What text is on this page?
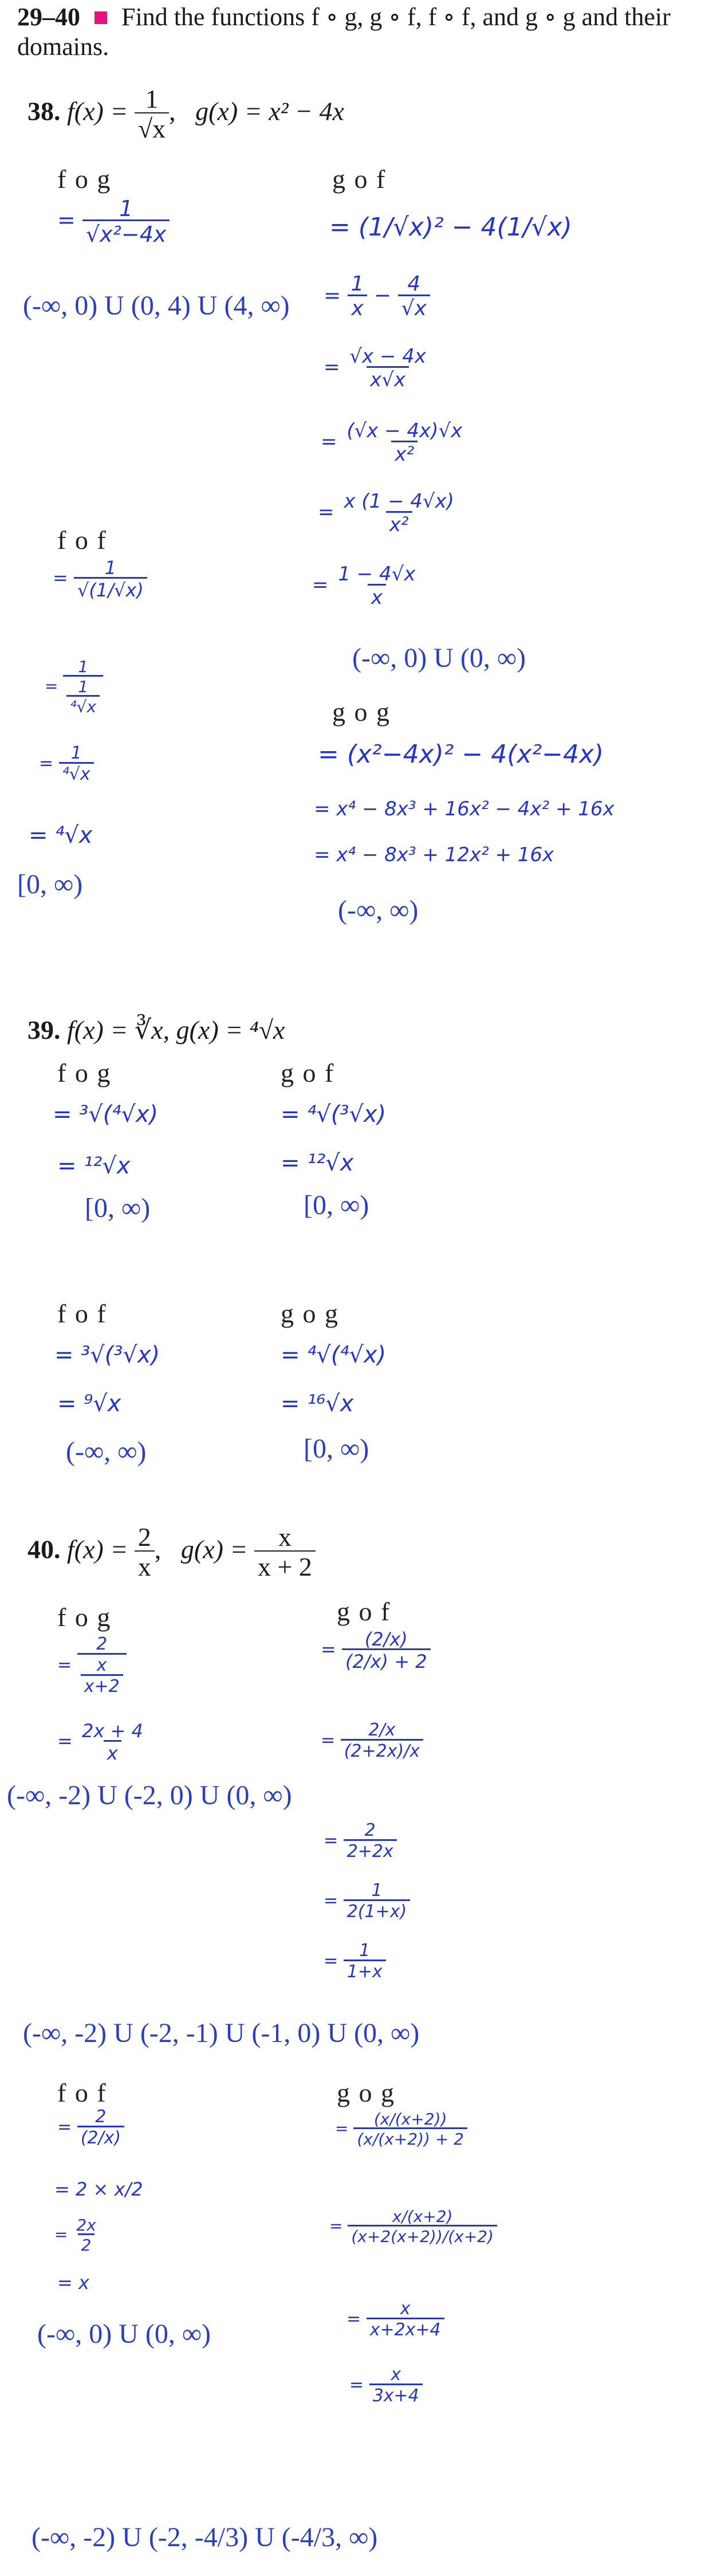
29–40 Find the functions f ∘ g, g ∘ f, f ∘ f, and g ∘ g and their
domains.
38. $f(x) = \frac{1}{√x}$ , g(x) = x² − 4x
f o g
= $\frac{1}{\text{√x²−4x}}$
(-∞, 0) U (0, 4) U (4, ∞)
g o f
= (1/√x)² − 4(1/√x)
= $\frac{1}{x} - \frac{4}{√x}$
= $\frac{√x - 4x}{x√x}$
= $\frac{(√x - 4x)√x}{\text{x²}}$
= $\frac{x (1 - 4√x)}{\text{x²}}$
= $\frac{1 - 4√x}{x}$
(-∞, 0) U (0, ∞)
f o f
= $\frac{1}{√(1/√x)}$
= $\frac{1}{\frac{1}{\text{⁴√x}}}$
= $\frac{1}{\text{⁴√x}}$
= ⁴√x
[0, ∞)
g o g
= (x²−4x)² − 4(x²−4x)
= x⁴ − 8x³ + 16x² − 4x² + 16x
= x⁴ − 8x³ + 12x² + 16x
(-∞, ∞)
39. f(x) = ∛x, g(x) = ⁴√x
f o g
= ³√(⁴√x)
= ¹²√x
[0, ∞)
g o f
= ⁴√(³√x)
= ¹²√x
[0, ∞)
f o f
= ³√(³√x)
= ⁹√x
(-∞, ∞)
g o g
= ⁴√(⁴√x)
= ¹⁶√x
[0, ∞)
40. $f(x) = \frac{2}{x}$ , $g(x) = \frac{x}{x + 2}$
f o g
= $\frac{2}{\frac{x}{x+2}}$
= $\frac{2x + 4}{x}$
(-∞, -2) U (-2, 0) U (0, ∞)
g o f
= $\frac{(2/x)}{(2/x) + 2}$
= $\frac{2/x}{(2+2x)/x}$
= $\frac{2}{2+2x}$
= $\frac{1}{2(1+x)}$
= $\frac{1}{1+x}$
(-∞, -2) U (-2, -1) U (-1, 0) U (0, ∞)
f o f
= $\frac{2}{(2/x)}$
= 2 × x/2
= $\frac{2x}{2}$
= x
(-∞, 0) U (0, ∞)
g o g
= $\frac{(x/(x+2))}{(x/(x+2)) + 2}$
= $\frac{x/(x+2)}{(x+2(x+2))/(x+2)}$
= $\frac{x}{x+2x+4}$
= $\frac{x}{3x+4}$
(-∞, -2) U (-2, -4/3) U (-4/3, ∞)
